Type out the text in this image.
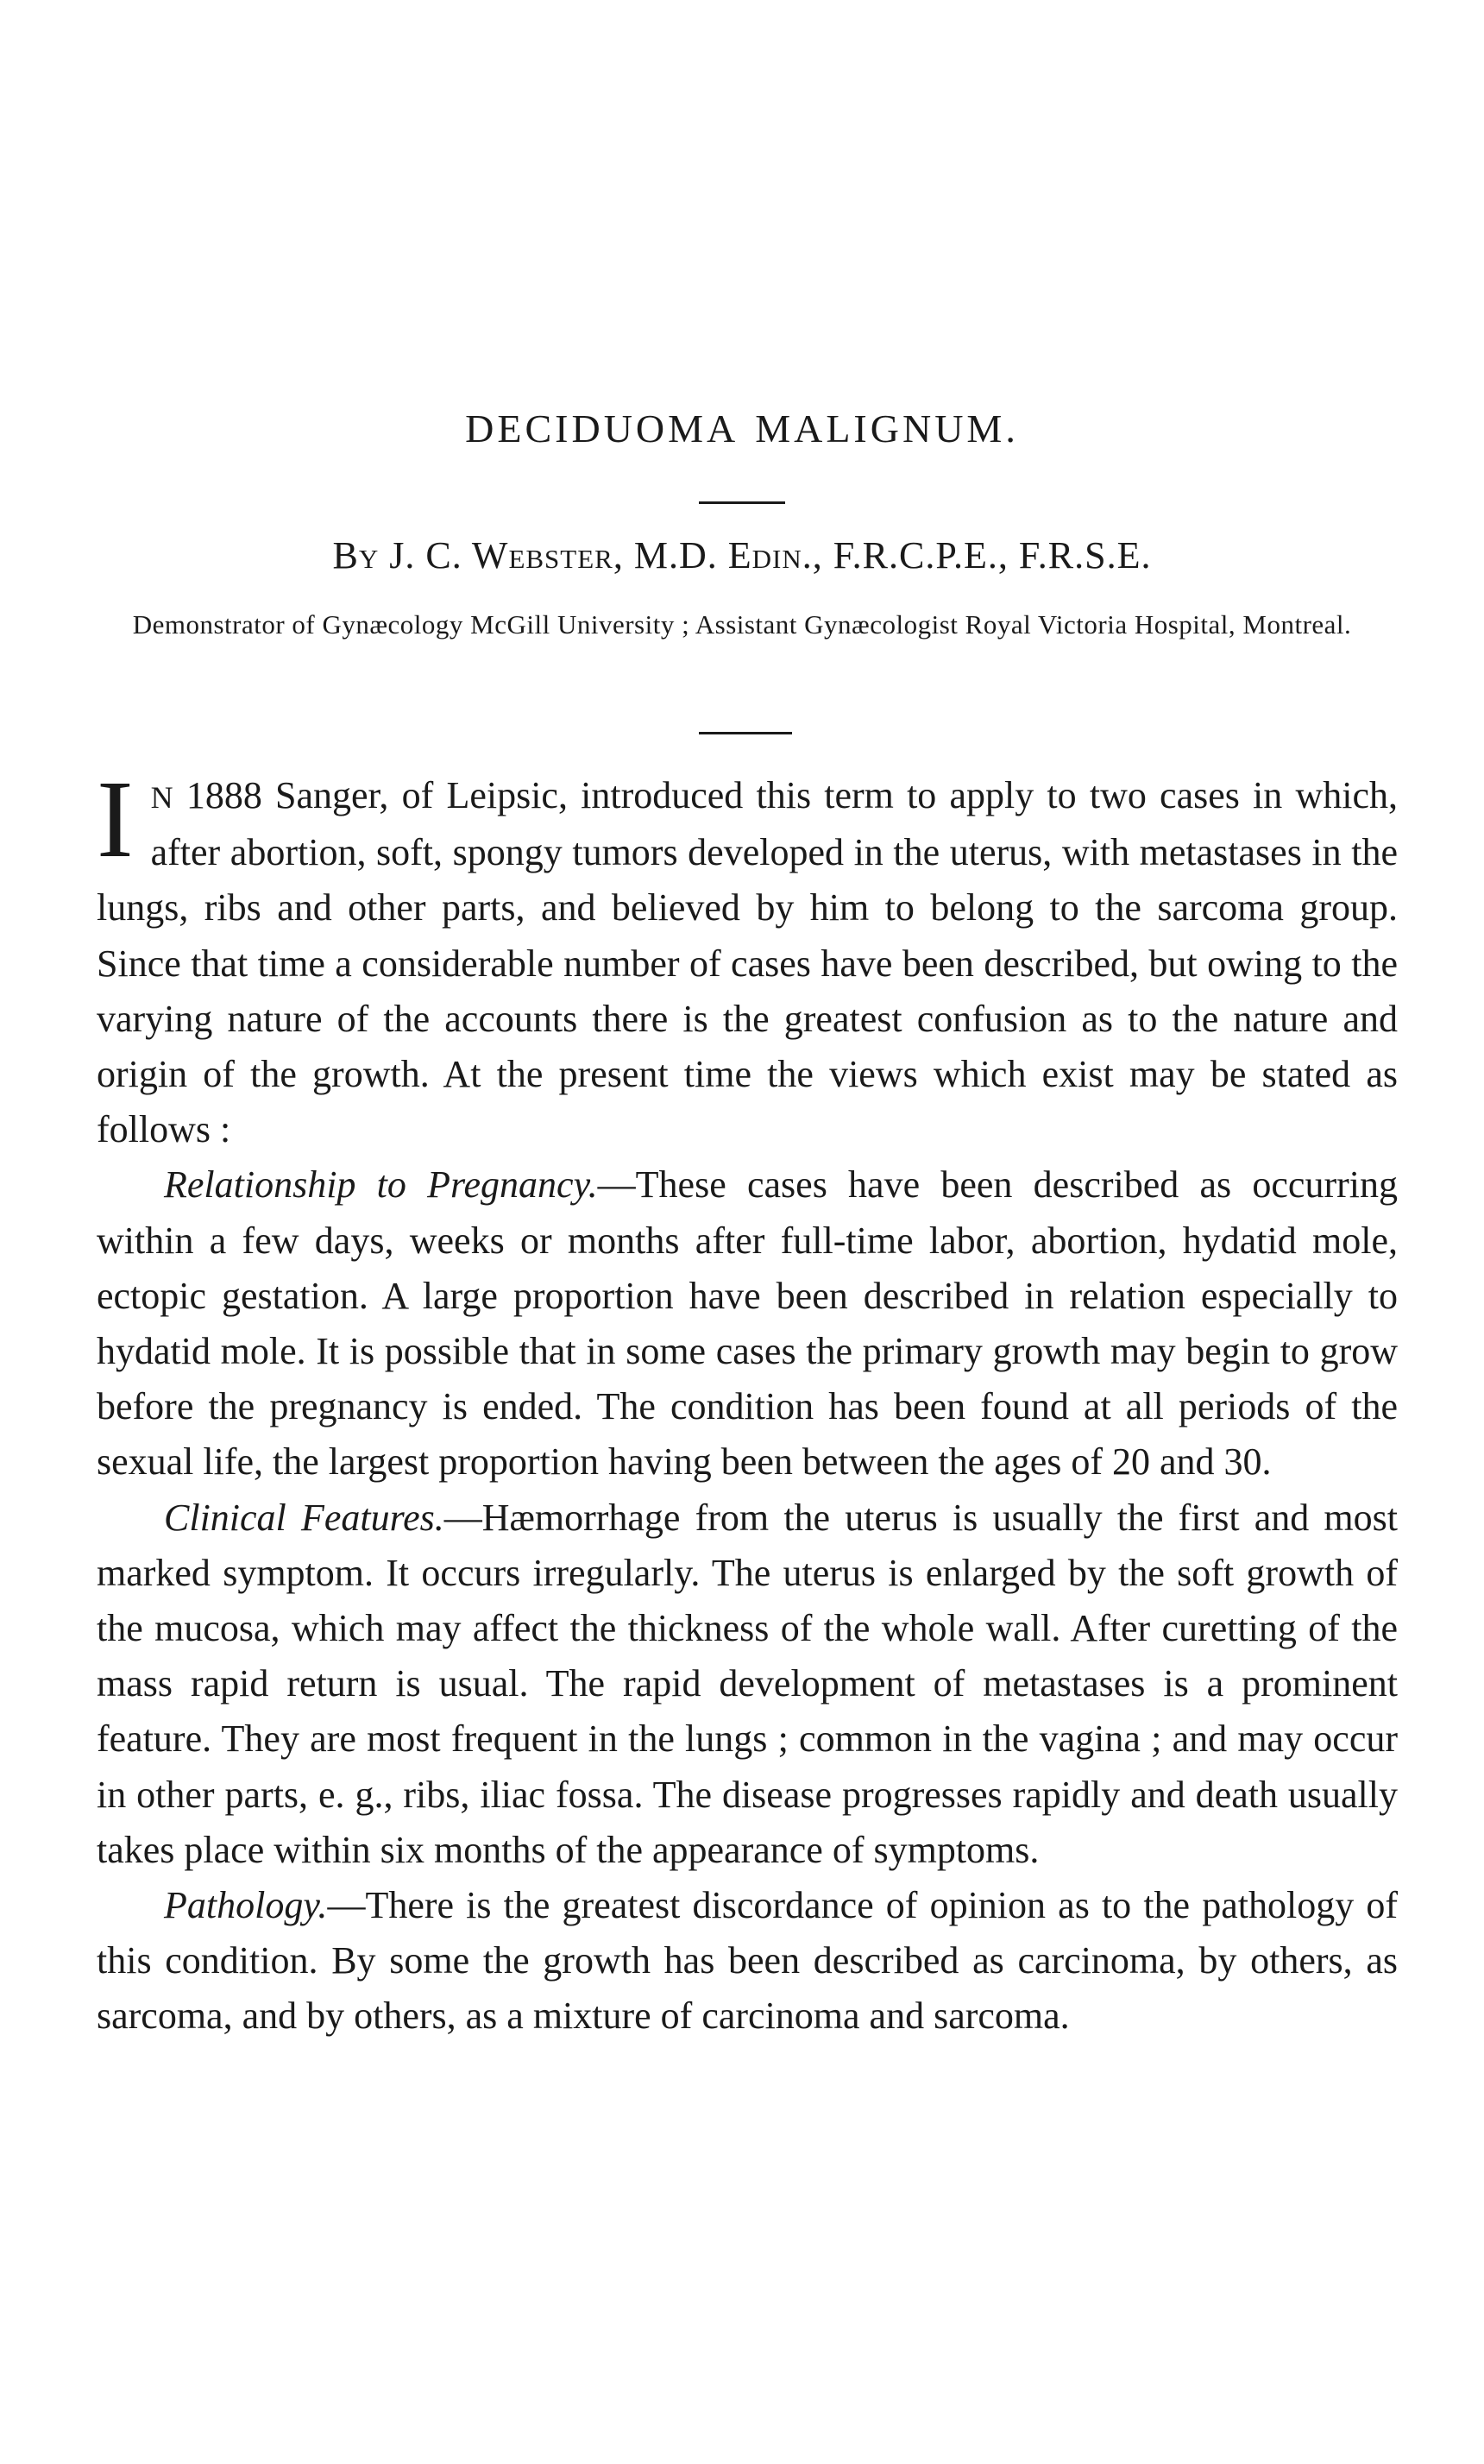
DECIDUOMA MALIGNUM.
By J. C. Webster, M.D. Edin., F.R.C.P.E., F.R.S.E.
Demonstrator of Gynæcology McGill University ; Assistant Gynæcologist Royal Victoria Hospital, Montreal.

I N 1888 Sanger, of Leipsic, introduced this term to apply to two cases in which, after abortion, soft, spongy tumors developed in the uterus, with metastases in the lungs, ribs and other parts, and believed by him to belong to the sarcoma group. Since that time a considerable number of cases have been described, but owing to the varying nature of the accounts there is the greatest confusion as to the nature and origin of the growth. At the present time the views which exist may be stated as follows :

Relationship to Pregnancy.—These cases have been described as occurring within a few days, weeks or months after full-time labor, abortion, hydatid mole, ectopic gestation. A large proportion have been described in relation especially to hydatid mole. It is possible that in some cases the primary growth may begin to grow before the pregnancy is ended. The condition has been found at all periods of the sexual life, the largest proportion having been between the ages of 20 and 30.

Clinical Features.—Hæmorrhage from the uterus is usually the first and most marked symptom. It occurs irregularly. The uterus is enlarged by the soft growth of the mucosa, which may affect the thickness of the whole wall. After curetting of the mass rapid return is usual. The rapid development of metastases is a prominent feature. They are most frequent in the lungs ; common in the vagina ; and may occur in other parts, e. g., ribs, iliac fossa. The disease progresses rapidly and death usually takes place within six months of the appearance of symptoms.

Pathology.—There is the greatest discordance of opinion as to the pathology of this condition. By some the growth has been described as carcinoma, by others, as sarcoma, and by others, as a mixture of carcinoma and sarcoma.
